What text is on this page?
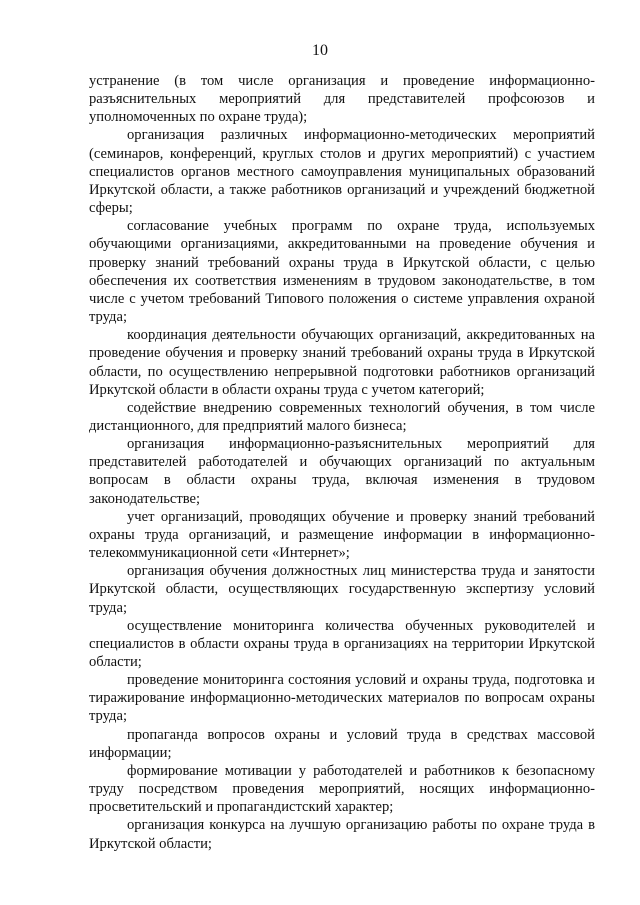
10

устранение (в том числе организация и проведение информационно-разъяснительных мероприятий для представителей профсоюзов и уполномоченных по охране труда);

организация различных информационно-методических мероприятий (семинаров, конференций, круглых столов и других мероприятий) с участием специалистов органов местного самоуправления муниципальных образований Иркутской области, а также работников организаций и учреждений бюджетной сферы;

согласование учебных программ по охране труда, используемых обучающими организациями, аккредитованными на проведение обучения и проверку знаний требований охраны труда в Иркутской области, с целью обеспечения их соответствия изменениям в трудовом законодательстве, в том числе с учетом требований Типового положения о системе управления охраной труда;

координация деятельности обучающих организаций, аккредитованных на проведение обучения и проверку знаний требований охраны труда в Иркутской области, по осуществлению непрерывной подготовки работников организаций Иркутской области в области охраны труда с учетом категорий;

содействие внедрению современных технологий обучения, в том числе дистанционного, для предприятий малого бизнеса;

организация информационно-разъяснительных мероприятий для представителей работодателей и обучающих организаций по актуальным вопросам в области охраны труда, включая изменения в трудовом законодательстве;

учет организаций, проводящих обучение и проверку знаний требований охраны труда организаций, и размещение информации в информационно-телекоммуникационной сети «Интернет»;

организация обучения должностных лиц министерства труда и занятости Иркутской области, осуществляющих государственную экспертизу условий труда;

осуществление мониторинга количества обученных руководителей и специалистов в области охраны труда в организациях на территории Иркутской области;

проведение мониторинга состояния условий и охраны труда, подготовка и тиражирование информационно-методических материалов по вопросам охраны труда;

пропаганда вопросов охраны и условий труда в средствах массовой информации;

формирование мотивации у работодателей и работников к безопасному труду посредством проведения мероприятий, носящих информационно-просветительский и пропагандистский характер;

организация конкурса на лучшую организацию работы по охране труда в Иркутской области;
